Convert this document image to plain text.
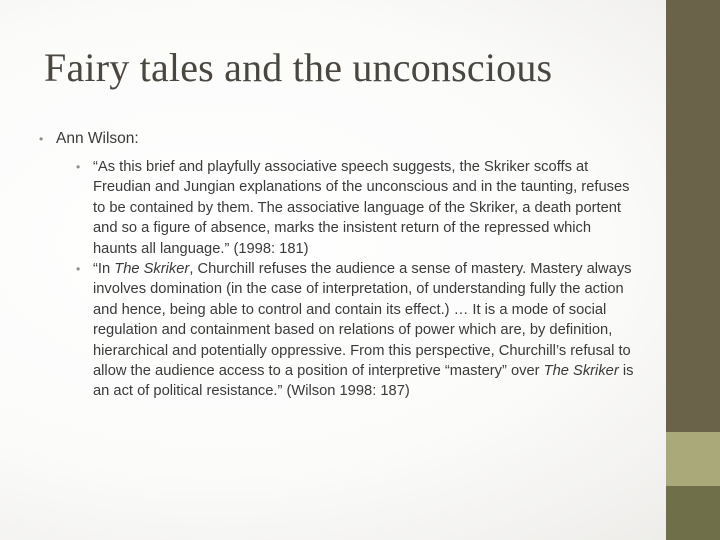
Fairy tales and the unconscious
• Ann Wilson:

• “As this brief and playfully associative speech suggests, the Skriker scoffs at Freudian and Jungian explanations of the unconscious and in the taunting, refuses to be contained by them. The associative language of the Skriker, a death portent and so a figure of absence, marks the insistent return of the repressed which haunts all language.” (1998: 181)

• “In The Skriker, Churchill refuses the audience a sense of mastery. Mastery always involves domination (in the case of interpretation, of understanding fully the action and hence, being able to control and contain its effect.) … It is a mode of social regulation and containment based on relations of power which are, by definition, hierarchical and potentially oppressive. From this perspective, Churchill’s refusal to allow the audience access to a position of interpretive “mastery” over The Skriker is an act of political resistance.” (Wilson 1998: 187)
